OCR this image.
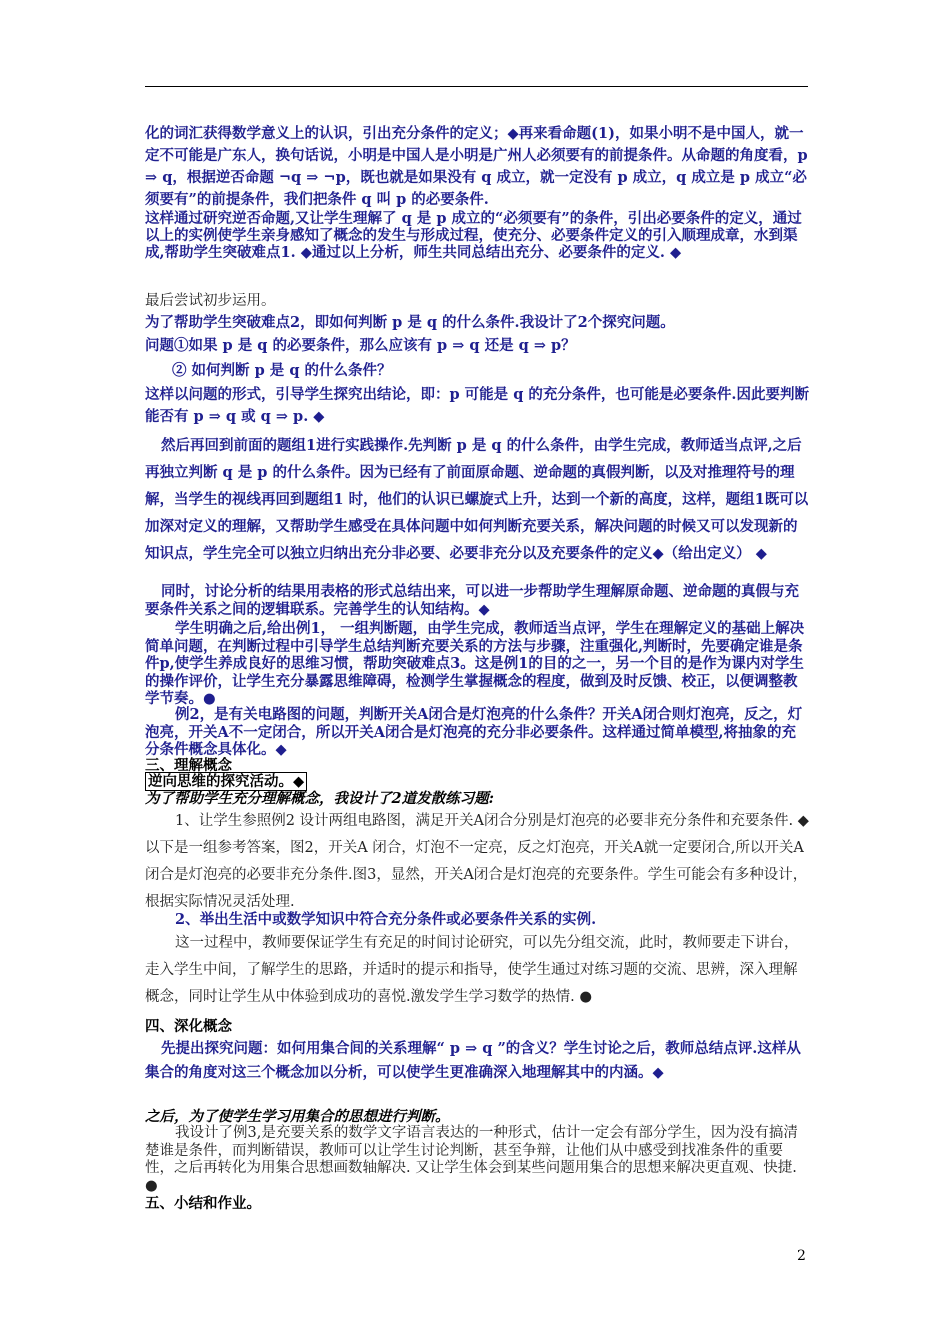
化的词汇获得数学意义上的认识，引出充分条件的定义；◆再来看命题(1)，如果小明不是中国人，就一定不可能是广东人，换句话说，小明是中国人是小明是广州人必须要有的前提条件。从命题的角度看，p ⇒ q，根据逆否命题 ¬q ⇒ ¬p，既也就是如果没有 q 成立，就一定没有 p 成立，q 成立是 p 成立“必须要有”的前提条件，我们把条件 q 叫 p 的必要条件.

这样通过研究逆否命题,又让学生理解了 q 是 p 成立的“必须要有”的条件，引出必要条件的定义，通过以上的实例使学生亲身感知了概念的发生与形成过程，使充分、必要条件定义的引入顺理成章，水到渠成,帮助学生突破难点1. ◆通过以上分析，师生共同总结出充分、必要条件的定义. ◆

最后尝试初步运用。

为了帮助学生突破难点2，即如何判断 p 是 q 的什么条件.我设计了2个探究问题。

问题①如果 p 是 q 的必要条件，那么应该有 p ⇒ q 还是 q ⇒ p？

② 如何判断 p 是 q 的什么条件？

这样以问题的形式，引导学生探究出结论，即：p 可能是 q 的充分条件，也可能是必要条件.因此要判断能否有 p ⇒ q 或 q ⇒ p. ◆

然后再回到前面的题组1进行实践操作.先判断 p 是 q 的什么条件，由学生完成，教师适当点评,之后再独立判断 q 是 p 的什么条件。因为已经有了前面原命题、逆命题的真假判断，以及对推理符号的理解，当学生的视线再回到题组1 时，他们的认识已螺旋式上升，达到一个新的高度，这样，题组1既可以加深对定义的理解，又帮助学生感受在具体问题中如何判断充要关系，解决问题的时候又可以发现新的知识点，学生完全可以独立归纳出充分非必要、必要非充分以及充要条件的定义◆（给出定义） ◆

同时，讨论分析的结果用表格的形式总结出来，可以进一步帮助学生理解原命题、逆命题的真假与充要条件关系之间的逻辑联系。完善学生的认知结构。◆

学生明确之后,给出例1， 一组判断题，由学生完成，教师适当点评，学生在理解定义的基础上解决简单问题，在判断过程中引导学生总结判断充要关系的方法与步骤，注重强化,判断时，先要确定谁是条件p,使学生养成良好的思维习惯，帮助突破难点3。这是例1的目的之一，另一个目的是作为课内对学生的操作评价，让学生充分暴露思维障碍，检测学生掌握概念的程度，做到及时反馈、校正，以便调整教学节奏。●

例2，是有关电路图的问题，判断开关A闭合是灯泡亮的什么条件？开关A闭合则灯泡亮，反之，灯泡亮，开关A不一定闭合，所以开关A闭合是灯泡亮的充分非必要条件。这样通过简单模型,将抽象的充分条件概念具体化。◆

三、理解概念

逆向思维的探究活动。◆

为了帮助学生充分理解概念，我设计了2道发散练习题:

1、让学生参照例2 设计两组电路图，满足开关A闭合分别是灯泡亮的必要非充分条件和充要条件. ◆以下是一组参考答案，图2，开关A 闭合，灯泡不一定亮，反之灯泡亮，开关A就一定要闭合,所以开关A闭合是灯泡亮的必要非充分条件.图3，显然，开关A闭合是灯泡亮的充要条件。学生可能会有多种设计，根据实际情况灵活处理.

2、举出生活中或数学知识中符合充分条件或必要条件关系的实例.

这一过程中，教师要保证学生有充足的时间讨论研究，可以先分组交流，此时，教师要走下讲台，走入学生中间，了解学生的思路，并适时的提示和指导，使学生通过对练习题的交流、思辨，深入理解概念，同时让学生从中体验到成功的喜悦.激发学生学习数学的热情. ●

四、深化概念

先提出探究问题：如何用集合间的关系理解“ p ⇒ q ”的含义？学生讨论之后，教师总结点评.这样从集合的角度对这三个概念加以分析，可以使学生更准确深入地理解其中的内涵。◆

之后，为了使学生学习用集合的思想进行判断。

我设计了例3,是充要关系的数学文字语言表达的一种形式，估计一定会有部分学生，因为没有搞清楚谁是条件，而判断错误，教师可以让学生讨论判断，甚至争辩，让他们从中感受到找准条件的重要性，之后再转化为用集合思想画数轴解决. 又让学生体会到某些问题用集合的思想来解决更直观、快捷. ●

五、小结和作业。

2
